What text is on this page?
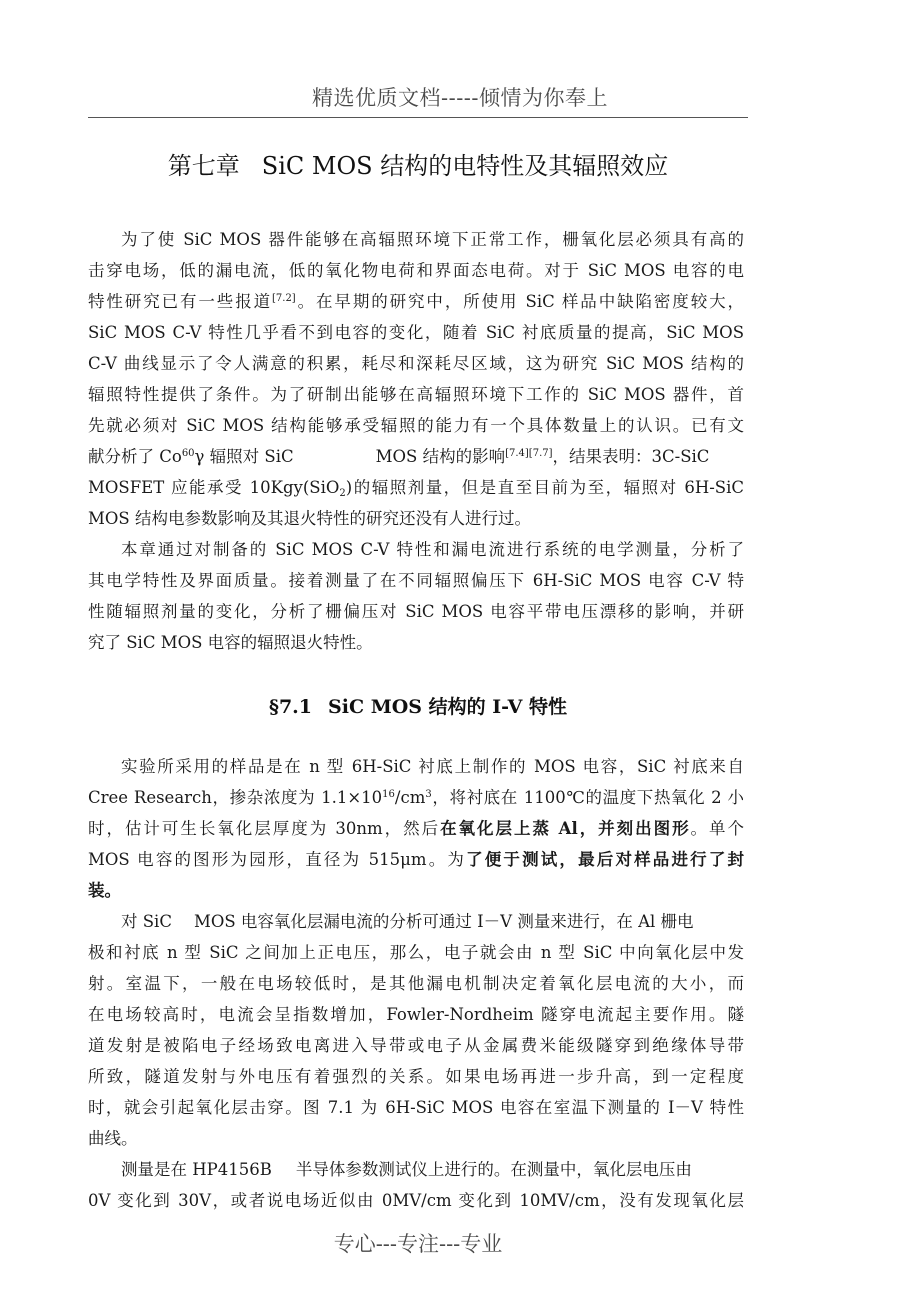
精选优质文档-----倾情为你奉上
第七章 SiC MOS 结构的电特性及其辐照效应
为了使 SiC MOS 器件能够在高辐照环境下正常工作，栅氧化层必须具有高的
击穿电场，低的漏电流，低的氧化物电荷和界面态电荷。对于 SiC MOS 电容的电
特性研究已有一些报道[7.2]。在早期的研究中，所使用 SiC 样品中缺陷密度较大，
SiC MOS C-V 特性几乎看不到电容的变化，随着 SiC 衬底质量的提高，SiC MOS
C-V 曲线显示了令人满意的积累，耗尽和深耗尽区域，这为研究 SiC MOS 结构的
辐照特性提供了条件。为了研制出能够在高辐照环境下工作的 SiC MOS 器件，首
先就必须对 SiC MOS 结构能够承受辐照的能力有一个具体数量上的认识。已有文
献分析了 Co$^{60}$γ 辐照对 SiC	MOS 结构的影响[7.4][7.7]，结果表明：3C-SiC
MOSFET 应能承受 10Kgy(SiO$_2$)的辐照剂量，但是直至目前为至，辐照对 6H-SiC
MOS 结构电参数影响及其退火特性的研究还没有人进行过。
本章通过对制备的 SiC MOS C-V 特性和漏电流进行系统的电学测量，分析了
其电学特性及界面质量。接着测量了在不同辐照偏压下 6H-SiC MOS 电容 C-V 特
性随辐照剂量的变化，分析了栅偏压对 SiC MOS 电容平带电压漂移的影响，并研
究了 SiC MOS 电容的辐照退火特性。
§7.1 SiC MOS 结构的 I-V 特性
实验所采用的样品是在 n 型 6H-SiC 衬底上制作的 MOS 电容，SiC 衬底来自
Cree Research，掺杂浓度为 $1.1\times 10^{16}/cm^3$，将衬底在 1100℃的温度下热氧化 2 小
时，估计可生长氧化层厚度为 30nm，然后在氧化层上蒸 Al，并刻出图形。单个
MOS 电容的图形为园形，直径为 515μm。为了便于测试，最后对样品进行了封
装。
对 SiC MOS 电容氧化层漏电流的分析可通过 I－V 测量来进行，在 Al 栅电
极和衬底 n 型 SiC 之间加上正电压，那么，电子就会由 n 型 SiC 中向氧化层中发
射。室温下，一般在电场较低时，是其他漏电机制决定着氧化层电流的大小，而
在电场较高时，电流会呈指数增加，Fowler-Nordheim 隧穿电流起主要作用。隧
道发射是被陷电子经场致电离进入导带或电子从金属费米能级隧穿到绝缘体导带
所致，隧道发射与外电压有着强烈的关系。如果电场再进一步升高，到一定程度
时，就会引起氧化层击穿。图 7.1 为 6H-SiC MOS 电容在室温下测量的 I－V 特性
曲线。
测量是在 HP4156B 半导体参数测试仪上进行的。在测量中，氧化层电压由
0V 变化到 30V，或者说电场近似由 0MV/cm 变化到 10MV/cm，没有发现氧化层
专心---专注---专业
